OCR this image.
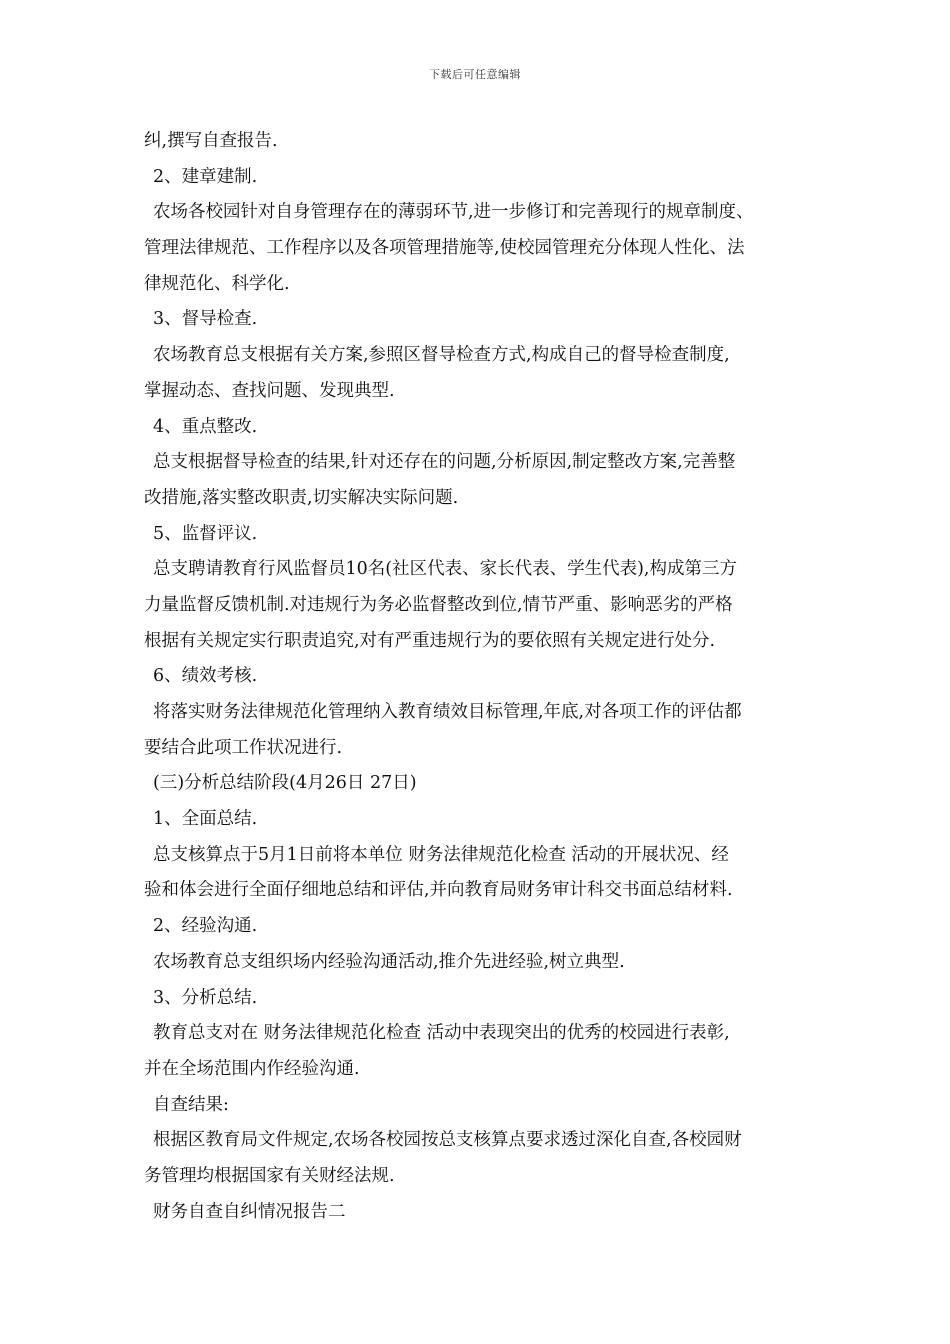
下载后可任意编辑
纠,撰写自查报告.
2、建章建制.
农场各校园针对自身管理存在的薄弱环节,进一步修订和完善现行的规章制度、
管理法律规范、工作程序以及各项管理措施等,使校园管理充分体现人性化、法
律规范化、科学化.
3、督导检查.
农场教育总支根据有关方案,参照区督导检查方式,构成自己的督导检查制度,
掌握动态、查找问题、发现典型.
4、重点整改.
总支根据督导检查的结果,针对还存在的问题,分析原因,制定整改方案,完善整
改措施,落实整改职责,切实解决实际问题.
5、监督评议.
总支聘请教育行风监督员10名(社区代表、家长代表、学生代表),构成第三方
力量监督反馈机制.对违规行为务必监督整改到位,情节严重、影响恶劣的严格
根据有关规定实行职责追究,对有严重违规行为的要依照有关规定进行处分.
6、绩效考核.
将落实财务法律规范化管理纳入教育绩效目标管理,年底,对各项工作的评估都
要结合此项工作状况进行.
(三)分析总结阶段(4月26日 27日)
1、全面总结.
总支核算点于5月1日前将本单位 财务法律规范化检查 活动的开展状况、经
验和体会进行全面仔细地总结和评估,并向教育局财务审计科交书面总结材料.
2、经验沟通.
农场教育总支组织场内经验沟通活动,推介先进经验,树立典型.
3、分析总结.
教育总支对在 财务法律规范化检查 活动中表现突出的优秀的校园进行表彰,
并在全场范围内作经验沟通.
自查结果:
根据区教育局文件规定,农场各校园按总支核算点要求透过深化自查,各校园财
务管理均根据国家有关财经法规.
财务自查自纠情况报告二
